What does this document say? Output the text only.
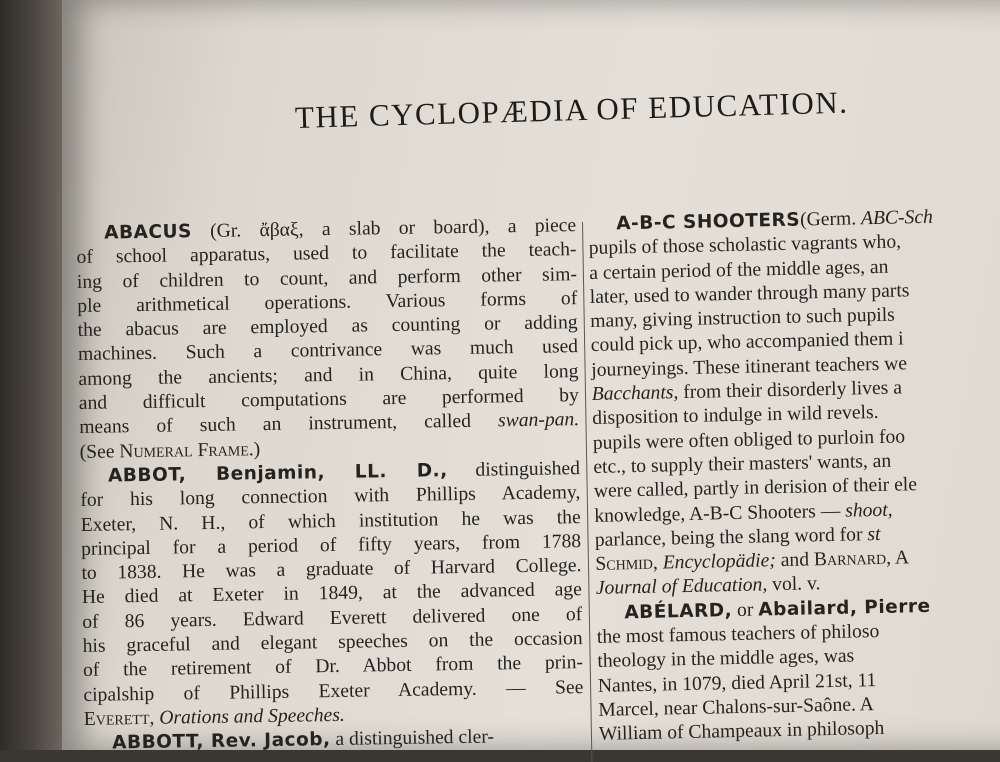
THE CYCLOPÆDIA OF EDUCATION.
ABACUS (Gr. ἄβαξ, a slab or board), a piece
of school apparatus, used to facilitate the teach-
ing of children to count, and perform other sim-
ple arithmetical operations. Various forms of
the abacus are employed as counting or adding
machines. Such a contrivance was much used
among the ancients; and in China, quite long
and difficult computations are performed by
means of such an instrument, called swan-pan.
(See Numeral Frame.)
ABBOT, Benjamin, LL. D., distinguished
for his long connection with Phillips Academy,
Exeter, N. H., of which institution he was the
principal for a period of fifty years, from 1788
to 1838. He was a graduate of Harvard College.
He died at Exeter in 1849, at the advanced age
of 86 years. Edward Everett delivered one of
his graceful and elegant speeches on the occasion
of the retirement of Dr. Abbot from the prin-
cipalship of Phillips Exeter Academy. — See
Everett, Orations and Speeches.
ABBOTT, Rev. Jacob, a distinguished cler-
A-B-C SHOOTERS(Germ. ABC-Sch
pupils of those scholastic vagrants who,
a certain period of the middle ages, an
later, used to wander through many parts
many, giving instruction to such pupils
could pick up, who accompanied them i
journeyings. These itinerant teachers we
Bacchants, from their disorderly lives a
disposition to indulge in wild revels.
pupils were often obliged to purloin foo
etc., to supply their masters' wants, an
were called, partly in derision of their ele
knowledge, A-B-C Shooters — shoot,
parlance, being the slang word for st
Schmid, Encyclopädie; and Barnard, A
Journal of Education, vol. v.
ABÉLARD, or Abailard, Pierre
the most famous teachers of philoso
theology in the middle ages, was
Nantes, in 1079, died April 21st, 11
Marcel, near Chalons-sur-Saône. A
William of Champeaux in philosoph
